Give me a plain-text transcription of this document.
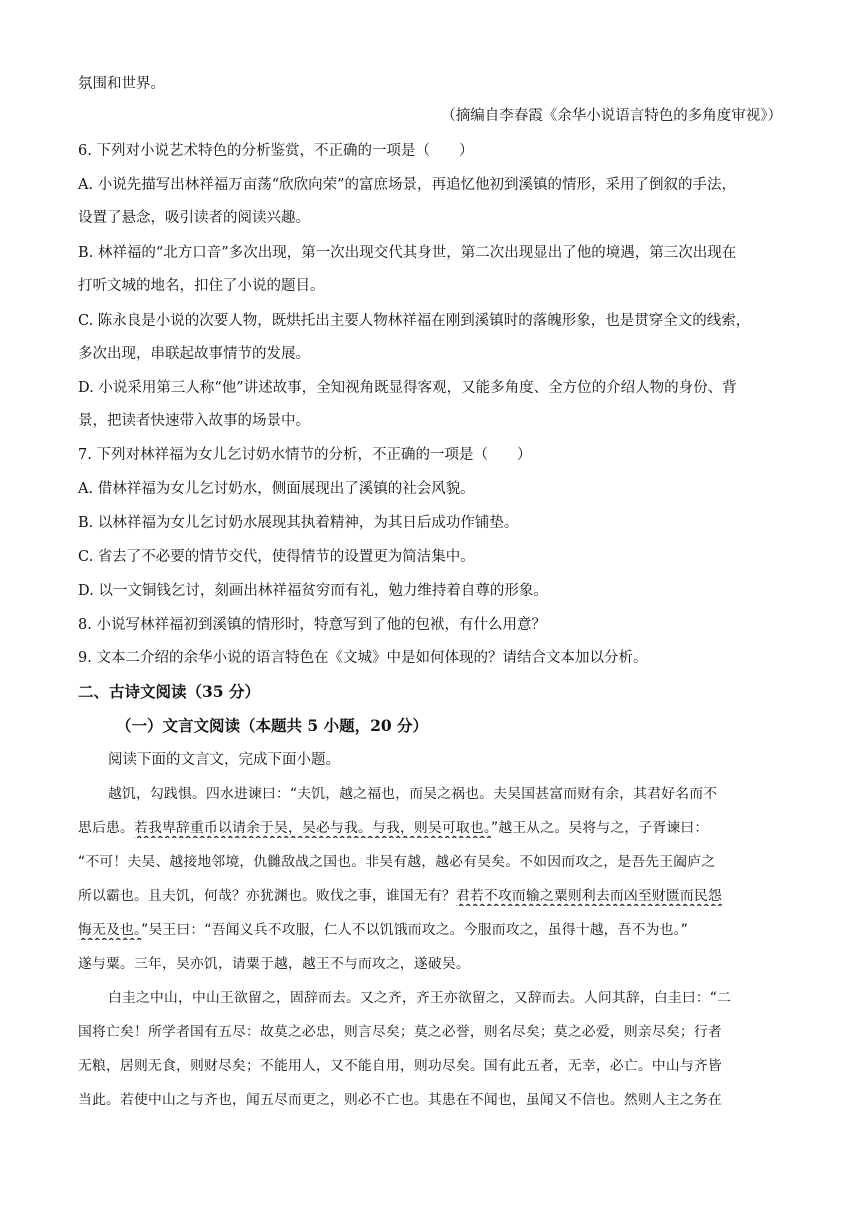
氛围和世界。
（摘编自李春霞《余华小说语言特色的多角度审视》）
6. 下列对小说艺术特色的分析鉴赏，不正确的一项是（　　）
A. 小说先描写出林祥福万亩荡“欣欣向荣”的富庶场景，再追忆他初到溪镇的情形，采用了倒叙的手法，
设置了悬念，吸引读者的阅读兴趣。
B. 林祥福的“北方口音”多次出现，第一次出现交代其身世，第二次出现显出了他的境遇，第三次出现在
打听文城的地名，扣住了小说的题目。
C. 陈永良是小说的次要人物，既烘托出主要人物林祥福在刚到溪镇时的落魄形象，也是贯穿全文的线索，
多次出现，串联起故事情节的发展。
D. 小说采用第三人称“他”讲述故事，全知视角既显得客观，又能多角度、全方位的介绍人物的身份、背
景，把读者快速带入故事的场景中。
7. 下列对林祥福为女儿乞讨奶水情节的分析，不正确的一项是（　　）
A. 借林祥福为女儿乞讨奶水，侧面展现出了溪镇的社会风貌。
B. 以林祥福为女儿乞讨奶水展现其执着精神，为其日后成功作铺垫。
C. 省去了不必要的情节交代，使得情节的设置更为简洁集中。
D. 以一文铜钱乞讨，刻画出林祥福贫穷而有礼，勉力维持着自尊的形象。
8. 小说写林祥福初到溪镇的情形时，特意写到了他的包袱，有什么用意？
9. 文本二介绍的余华小说的语言特色在《文城》中是如何体现的？请结合文本加以分析。
二、古诗文阅读（35 分）
（一）文言文阅读（本题共 5 小题，20 分）
阅读下面的文言文，完成下面小题。
越饥，勾践惧。四水进谏曰：“夫饥，越之福也，而吴之祸也。夫吴国甚富而财有余，其君好名而不
思后患。若我卑辞重币以请余于吴，吴必与我。与我，则吴可取也。”越王从之。吴将与之，子胥谏曰：
“不可！夫吴、越接地邻境，仇雠敌战之国也。非吴有越，越必有吴矣。不如因而攻之，是吾先王阖庐之
所以霸也。且夫饥，何哉？亦犹渊也。败伐之事，谁国无有？君若不攻而输之粟则利去而凶至财匮而民怨
悔无及也。”吴王曰：“吾闻义兵不攻服，仁人不以饥饿而攻之。今服而攻之，虽得十越，吾不为也。”
遂与粟。三年，吴亦饥，请粟于越，越王不与而攻之，遂破吴。
白圭之中山，中山王欲留之，固辞而去。又之齐，齐王亦欲留之，又辞而去。人问其辞，白圭曰：“二
国将亡矣！所学者国有五尽：故莫之必忠，则言尽矣；莫之必誉，则名尽矣；莫之必爱，则亲尽矣；行者
无粮，居则无食，则财尽矣；不能用人，又不能自用，则功尽矣。国有此五者，无幸，必亡。中山与齐皆
当此。若使中山之与齐也，闻五尽而更之，则必不亡也。其患在不闻也，虽闻又不信也。然则人主之务在
